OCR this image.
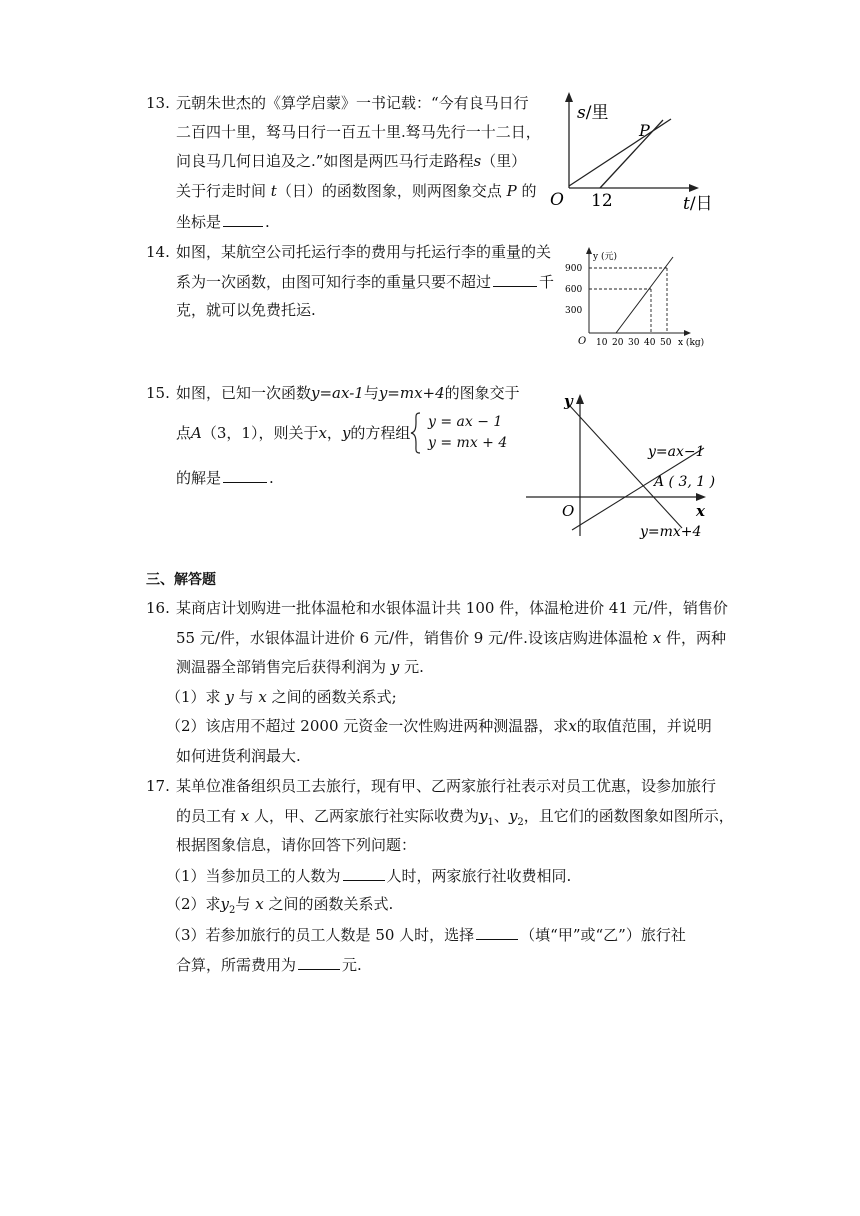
13. 元朝朱世杰的《算学启蒙》一书记载：“今有良马日行
二百四十里，驽马日行一百五十里.驽马先行一十二日，
问良马几何日追及之.”如图是两匹马行走路程s（里）
关于行走时间 t（日）的函数图象，则两图象交点 P 的
坐标是	.
s/里
P
O 12	t/日
14. 如图，某航空公司托运行李的费用与托运行李的重量的关
系为一次函数，由图可知行李的重量只要不超过	千
克，就可以免费托运.
y (元)
900
600
300
O 10 20 30 40 50 x (kg)
15. 如图，已知一次函数y=ax-1与y=mx+4的图象交于
点A（3，1），则关于x，y的方程组
y = ax − 1
y = mx + 4
的解是	.
y
x
O
y=ax−1
A ( 3, 1 )
y=mx+4
三、解答题
16. 某商店计划购进一批体温枪和水银体温计共 100 件，体温枪进价 41 元/件，销售价
55 元/件，水银体温计进价 6 元/件，销售价 9 元/件.设该店购进体温枪 x 件，两种
测温器全部销售完后获得利润为 y 元.
（1）求 y 与 x 之间的函数关系式;
（2）该店用不超过 2000 元资金一次性购进两种测温器，求x的取值范围，并说明
如何进货利润最大.
17. 某单位准备组织员工去旅行，现有甲、乙两家旅行社表示对员工优惠，设参加旅行
的员工有 x 人，甲、乙两家旅行社实际收费为$y_1$、$y_2$，且它们的函数图象如图所示，
根据图象信息，请你回答下列问题：
（1）当参加员工的人数为	人时，两家旅行社收费相同.
（2）求$y_2$与 x 之间的函数关系式.
（3）若参加旅行的员工人数是 50 人时，选择	（填“甲”或“乙”）旅行社
合算，所需费用为	元.
